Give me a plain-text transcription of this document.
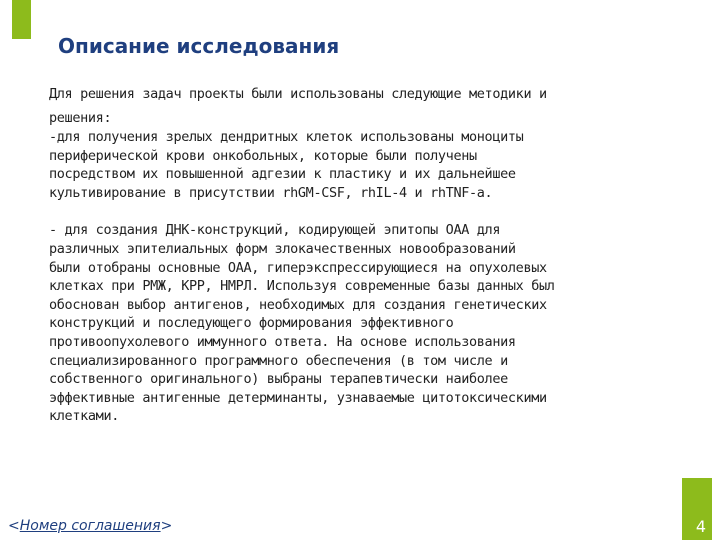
Описание исследования

Для решения задач проекты были использованы следующие методики и

решения:

-для получения зрелых дендритных клеток использованы моноциты
периферической крови онкобольных, которые были получены
посредством их повышенной адгезии к пластику и их дальнейшее
культивирование в присутствии rhGM-CSF, rhIL-4 и rhTNF-a.
- для создания ДНК-конструкций, кодирующей эпитопы ОАА для
различных эпителиальных форм злокачественных новообразований
были отобраны основные ОАА, гиперэкспрессирующиеся на опухолевых
клетках при РМЖ, КРР, НМРЛ. Используя современные базы данных был
обоснован выбор антигенов, необходимых для создания генетических
конструкций и последующего формирования эффективного
противоопухолевого иммунного ответа. На основе использования
специализированного программного обеспечения (в том числе и
собственного оригинального) выбраны терапевтически наиболее
эффективные антигенные детерминанты, узнаваемые цитотоксическими
клетками.
<Номер соглашения>	4
